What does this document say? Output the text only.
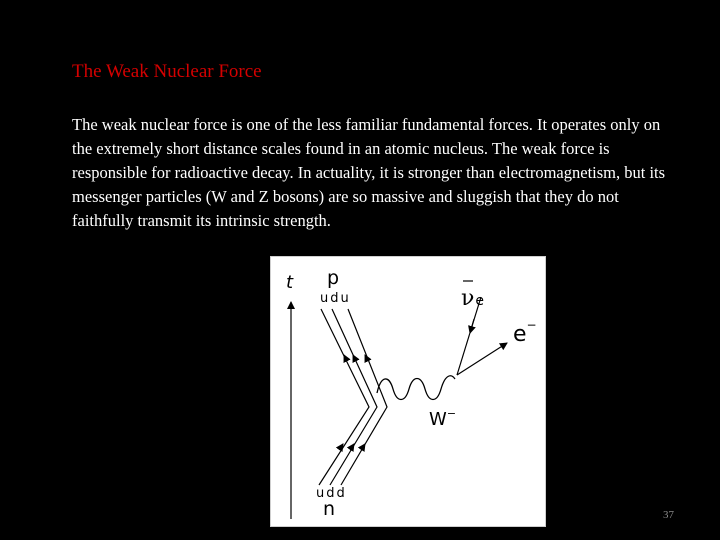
The Weak Nuclear Force

The weak nuclear force is one of the less familiar fundamental forces. It operates only on the extremely short distance scales found in an atomic nucleus. The weak force is responsible for radioactive decay. In actuality, it is stronger than electromagnetism, but its messenger particles (W and Z bosons) are so massive and sluggish that they do not faithfully transmit its intrinsic strength.

t p
udu
udd
n
W−
νe
e−
37
